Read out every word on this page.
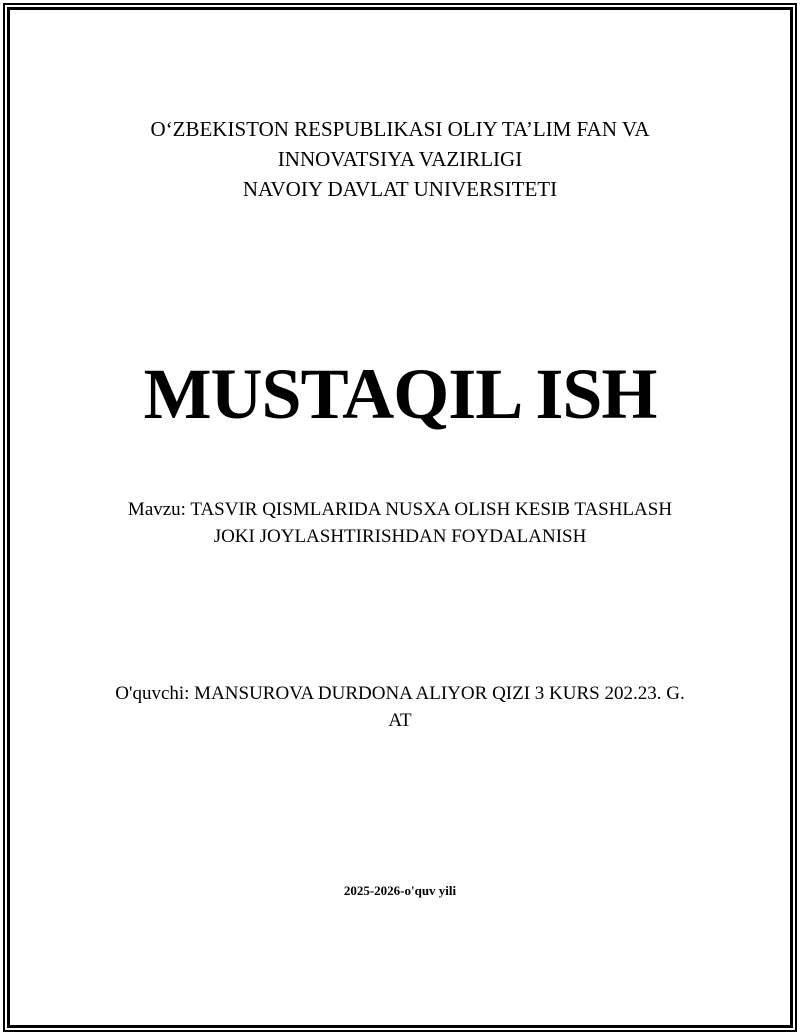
O‘ZBEKISTON RESPUBLIKASI OLIY TA’LIM FAN VA
INNOVATSIYA VAZIRLIGI
NAVOIY DAVLAT UNIVERSITETI
MUSTAQIL ISH
Mavzu: TASVIR QISMLARIDA NUSXA OLISH KESIB TASHLASH
JOKI JOYLASHTIRISHDAN FOYDALANISH
O'quvchi: MANSUROVA DURDONA ALIYOR QIZI 3 KURS 202.23. G.
AT
2025-2026-o'quv yili
